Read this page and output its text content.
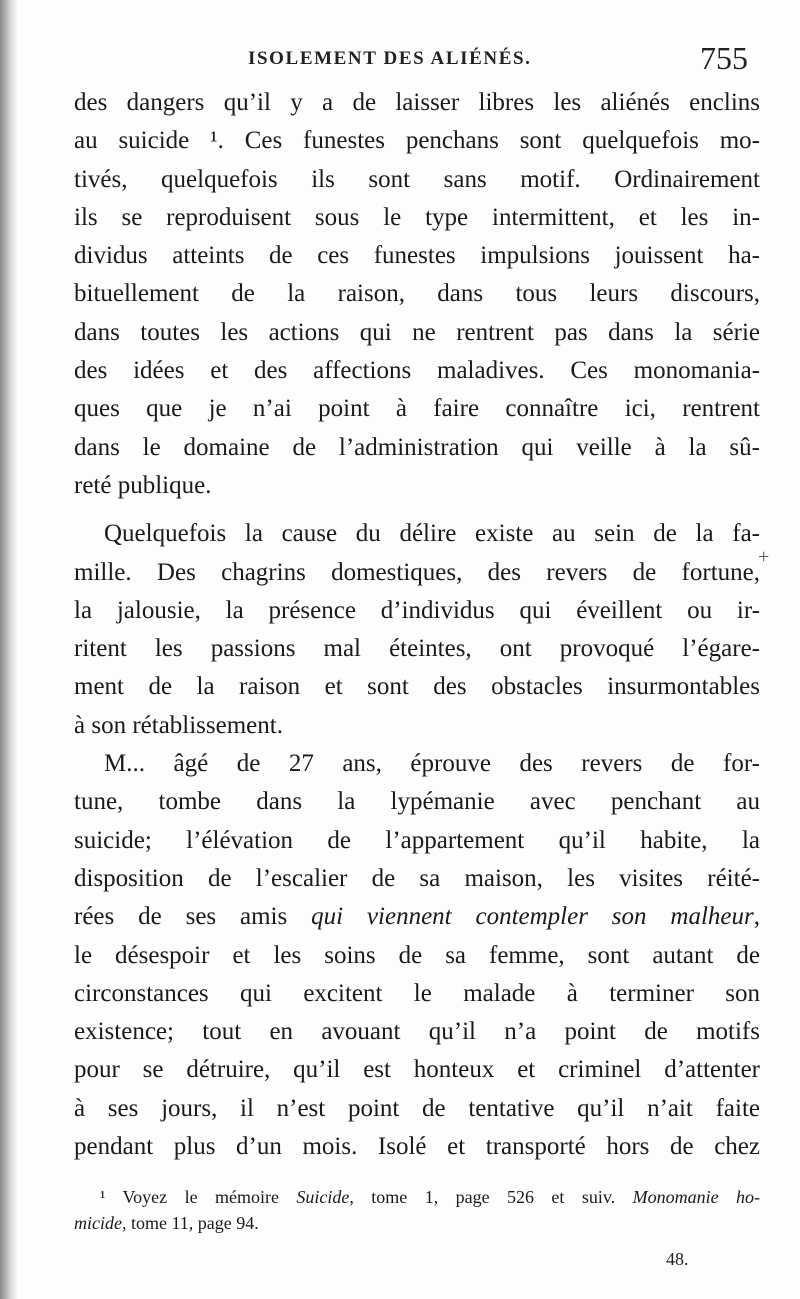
ISOLEMENT DES ALIÉNÉS.	755
des dangers qu’il y a de laisser libres les aliénés enclins
au suicide ¹. Ces funestes penchans sont quelquefois mo-
tivés, quelquefois ils sont sans motif. Ordinairement
ils se reproduisent sous le type intermittent, et les in-
dividus atteints de ces funestes impulsions jouissent ha-
bituellement de la raison, dans tous leurs discours,
dans toutes les actions qui ne rentrent pas dans la série
des idées et des affections maladives. Ces monomania-
ques que je n’ai point à faire connaître ici, rentrent
dans le domaine de l’administration qui veille à la sû-
reté publique.
Quelquefois la cause du délire existe au sein de la fa-
mille. Des chagrins domestiques, des revers de fortune,
la jalousie, la présence d’individus qui éveillent ou ir-
ritent les passions mal éteintes, ont provoqué l’égare-
ment de la raison et sont des obstacles insurmontables
à son rétablissement.
M... âgé de 27 ans, éprouve des revers de for-
tune, tombe dans la lypémanie avec penchant au
suicide; l’élévation de l’appartement qu’il habite, la
disposition de l’escalier de sa maison, les visites réité-
rées de ses amis qui viennent contempler son malheur,
le désespoir et les soins de sa femme, sont autant de
circonstances qui excitent le malade à terminer son
existence; tout en avouant qu’il n’a point de motifs
pour se détruire, qu’il est honteux et criminel d’attenter
à ses jours, il n’est point de tentative qu’il n’ait faite
pendant plus d’un mois. Isolé et transporté hors de chez
¹ Voyez le mémoire Suicide, tome 1, page 526 et suiv. Monomanie ho-
micide, tome 11, page 94.
48.
+
